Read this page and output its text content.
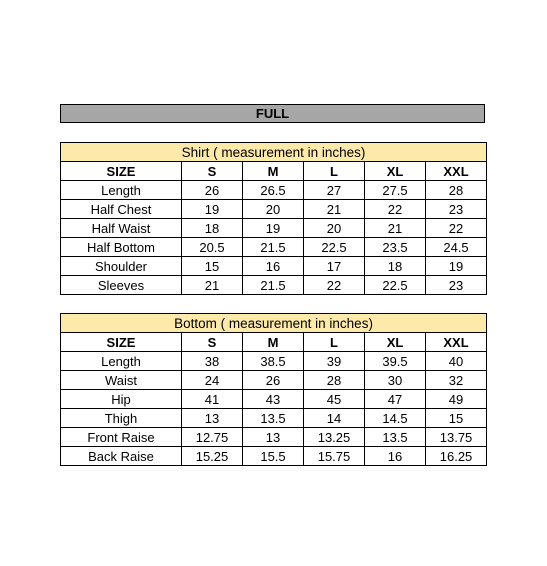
FULL
Shirt ( measurement in inches)					
SIZE	S	M	L	XL	XXL
Length	26	26.5	27	27.5	28
Half Chest	19	20	21	22	23
Half Waist	18	19	20	21	22
Half Bottom	20.5	21.5	22.5	23.5	24.5
Shoulder	15	16	17	18	19
Sleeves	21	21.5	22	22.5	23
Bottom ( measurement in inches)					
SIZE	S	M	L	XL	XXL
Length	38	38.5	39	39.5	40
Waist	24	26	28	30	32
Hip	41	43	45	47	49
Thigh	13	13.5	14	14.5	15
Front Raise	12.75	13	13.25	13.5	13.75
Back Raise	15.25	15.5	15.75	16	16.25
